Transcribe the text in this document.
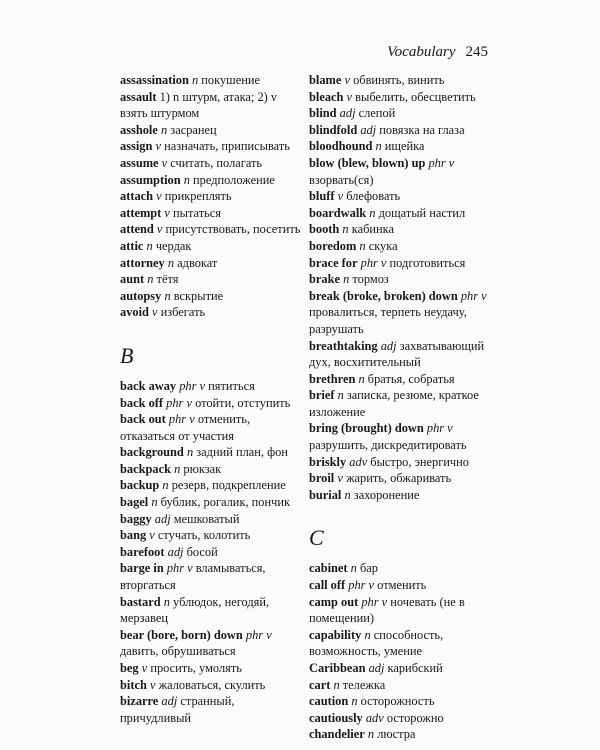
Vocabulary 245
assassination n покушение
assault 1) n штурм, атака; 2) v взять штурмом
asshole n засранец
assign v назначать, приписывать
assume v считать, полагать
assumption n предположение
attach v прикреплять
attempt v пытаться
attend v присутствовать, посетить
attic n чердак
attorney n адвокат
aunt n тётя
autopsy n вскрытие
avoid v избегать
B
back away phr v пятиться
back off phr v отойти, отступить
back out phr v отменить, отказаться от участия
background n задний план, фон
backpack n рюкзак
backup n резерв, подкрепление
bagel n бублик, рогалик, пончик
baggy adj мешковатый
bang v стучать, колотить
barefoot adj босой
barge in phr v вламываться, вторгаться
bastard n ублюдок, негодяй, мерзавец
bear (bore, born) down phr v давить, обрушиваться
beg v просить, умолять
bitch v жаловаться, скулить
bizarre adj странный, причудливый
blame v обвинять, винить
bleach v выбелить, обесцветить
blind adj слепой
blindfold adj повязка на глаза
bloodhound n ищейка
blow (blew, blown) up phr v взорвать(ся)
bluff v блефовать
boardwalk n дощатый настил
booth n кабинка
boredom n скука
brace for phr v подготовиться
brake n тормоз
break (broke, broken) down phr v провалиться, терпеть неудачу, разрушать
breathtaking adj захватывающий дух, восхитительный
brethren n братья, собратья
brief n записка, резюме, краткое изложение
bring (brought) down phr v разрушить, дискредитировать
briskly adv быстро, энергично
broil v жарить, обжаривать
burial n захоронение
C
cabinet n бар
call off phr v отменить
camp out phr v ночевать (не в помещении)
capability n способность, возможность, умение
Caribbean adj карибский
cart n тележка
caution n осторожность
cautiously adv осторожно
chandelier n люстра
